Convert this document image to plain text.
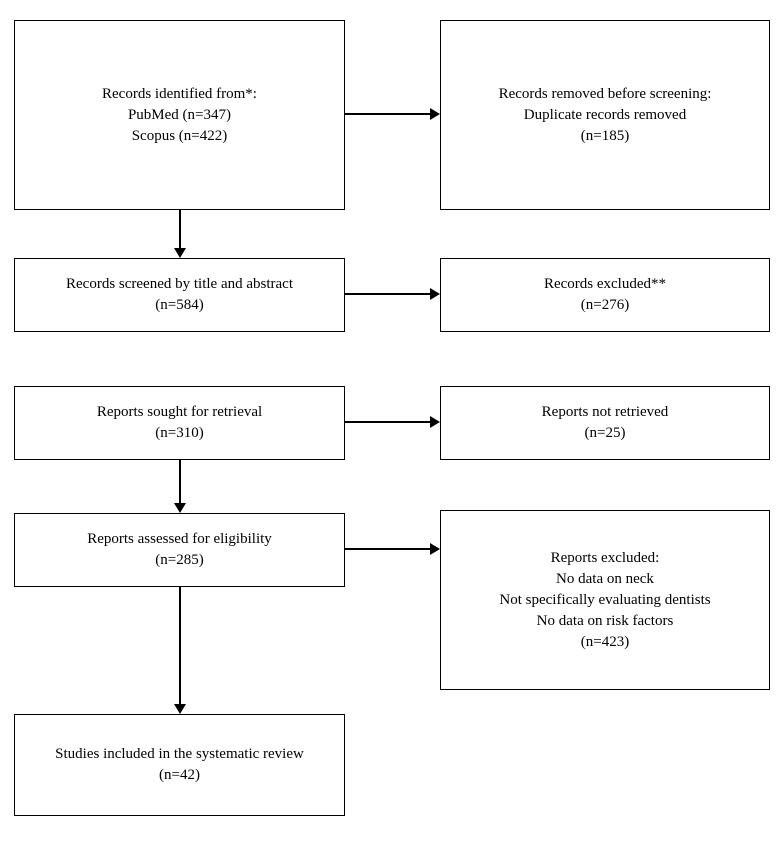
Records identified from*:
PubMed (n=347)
Scopus (n=422)
Records removed before screening:
Duplicate records removed
(n=185)
Records screened by title and abstract
(n=584)
Records excluded**
(n=276)
Reports sought for retrieval
(n=310)
Reports not retrieved
(n=25)
Reports assessed for eligibility
(n=285)	Reports excluded:
No data on neck
Not specifically evaluating dentists
No data on risk factors
(n=423)
Studies included in the systematic review
(n=42)
